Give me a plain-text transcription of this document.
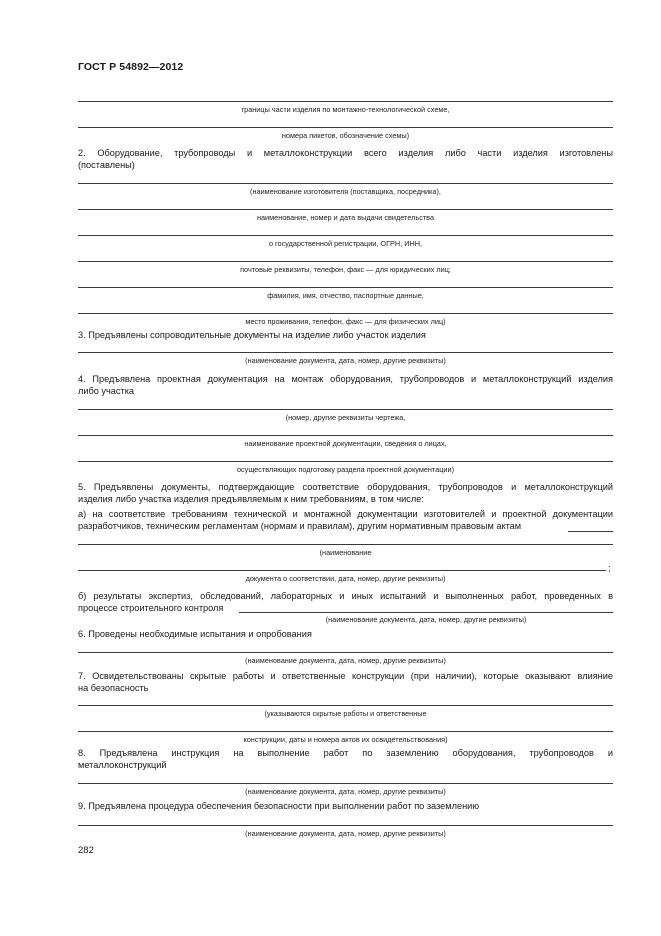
ГОСТ Р 54892—2012
границы части изделия по монтажно-технологической схеме,
номера пикетов, обозначение схемы)
2. Оборудование, трубопроводы и металлоконструкции всего изделия либо части изделия изготовлены
(поставлены)
(наименование изготовителя (поставщика, посредника),
наименование, номер и дата выдачи свидетельства
о государственной регистрации, ОГРН, ИНН,
почтовые реквизиты, телефон, факс — для юридических лиц;
фамилия, имя, отчество, паспортные данные,
место проживания, телефон, факс — для физических лиц)
3. Предъявлены сопроводительные документы на изделие либо участок изделия
(наименование документа, дата, номер, другие реквизиты)
4. Предъявлена проектная документация на монтаж оборудования, трубопроводов и металлоконструкций изделия
либо участка
(номер, другие реквизиты чертежа,
наименование проектной документации, сведения о лицах,
осуществляющих подготовку раздела проектной документации)
5. Предъявлены документы, подтверждающие соответствие оборудования, трубопроводов и металлоконструкций
изделия либо участка изделия предъявляемым к ним требованиям, в том числе:
а) на соответствие требованиям технической и монтажной документации изготовителей и проектной документации
разработчиков, техническим регламентам (нормам и правилам), другим нормативным правовым актам
(наименование
;
документа о соответствии, дата, номер, другие реквизиты)
б) результаты экспертиз, обследований, лабораторных и иных испытаний и выполненных работ, проведенных в
процессе строительного контроля
(наименование документа, дата, номер, другие реквизиты)
6. Проведены необходимые испытания и опробования
(наименование документа, дата, номер, другие реквизиты)
7. Освидетельствованы скрытые работы и ответственные конструкции (при наличии), которые оказывают влияние
на безопасность
(указываются скрытые работы и ответственные
конструкции, даты и номера актов их освидетельствования)
8. Предъявлена инструкция на выполнение работ по заземлению оборудования, трубопроводов и
металлоконструкций
(наименование документа, дата, номер, другие реквизиты)
9. Предъявлена процедура обеспечения безопасности при выполнении работ по заземлению
(наименование документа, дата, номер, другие реквизиты)
282
